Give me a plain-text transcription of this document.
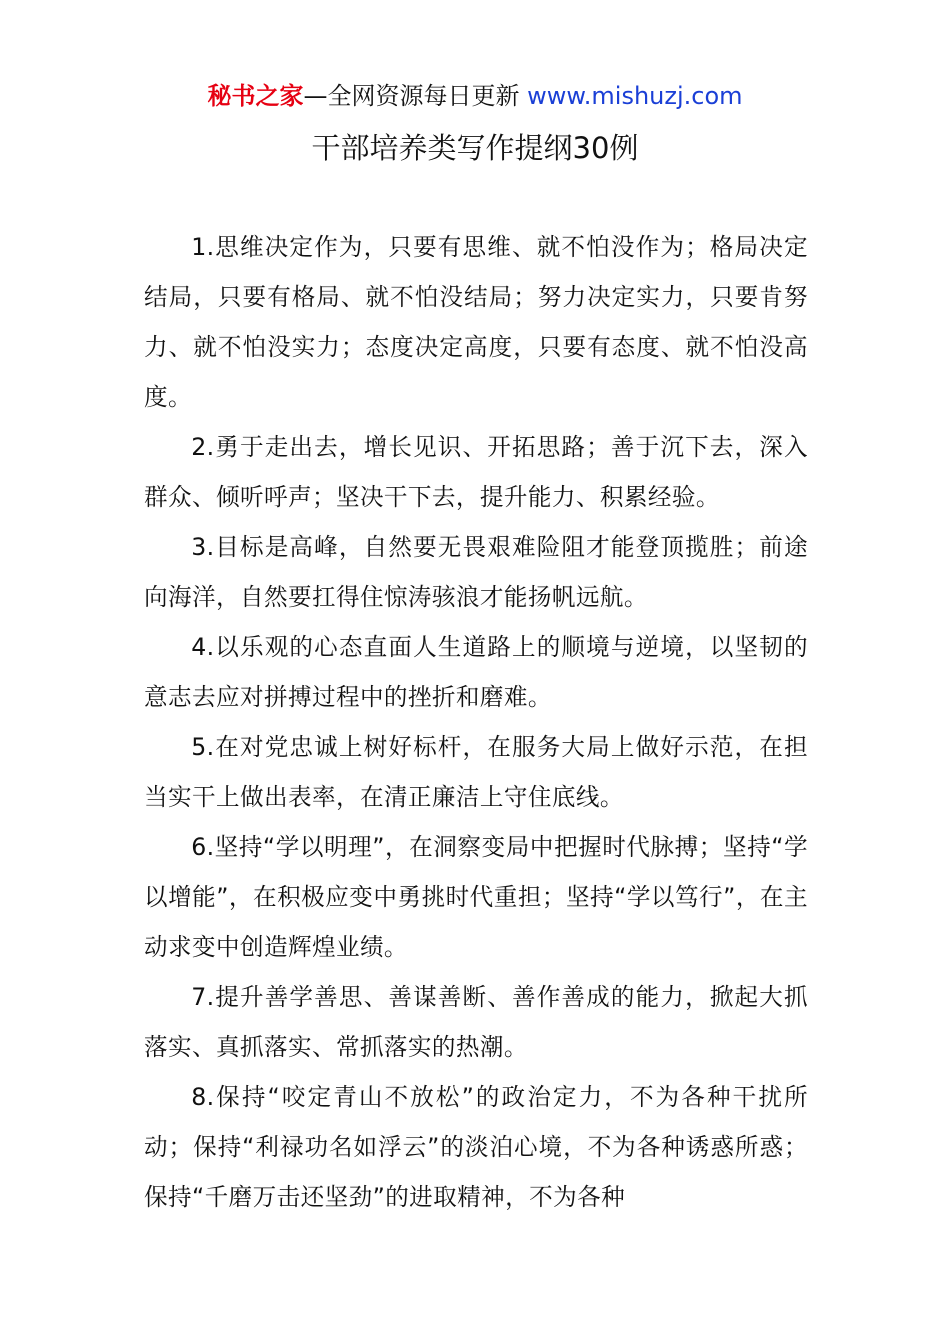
秘书之家—全网资源每日更新 www.mishuzj.com
干部培养类写作提纲30例

1.思维决定作为，只要有思维、就不怕没作为；格局决定结局，只要有格局、就不怕没结局；努力决定实力，只要肯努力、就不怕没实力；态度决定高度，只要有态度、就不怕没高度。

2.勇于走出去，增长见识、开拓思路；善于沉下去，深入群众、倾听呼声；坚决干下去，提升能力、积累经验。

3.目标是高峰，自然要无畏艰难险阻才能登顶揽胜；前途向海洋，自然要扛得住惊涛骇浪才能扬帆远航。

4.以乐观的心态直面人生道路上的顺境与逆境，以坚韧的意志去应对拼搏过程中的挫折和磨难。

5.在对党忠诚上树好标杆，在服务大局上做好示范，在担当实干上做出表率，在清正廉洁上守住底线。

6.坚持“学以明理”，在洞察变局中把握时代脉搏；坚持“学以增能”，在积极应变中勇挑时代重担；坚持“学以笃行”，在主动求变中创造辉煌业绩。

7.提升善学善思、善谋善断、善作善成的能力，掀起大抓落实、真抓落实、常抓落实的热潮。

8.保持“咬定青山不放松”的政治定力，不为各种干扰所动；保持“利禄功名如浮云”的淡泊心境，不为各种诱惑所惑；保持“千磨万击还坚劲”的进取精神，不为各种
